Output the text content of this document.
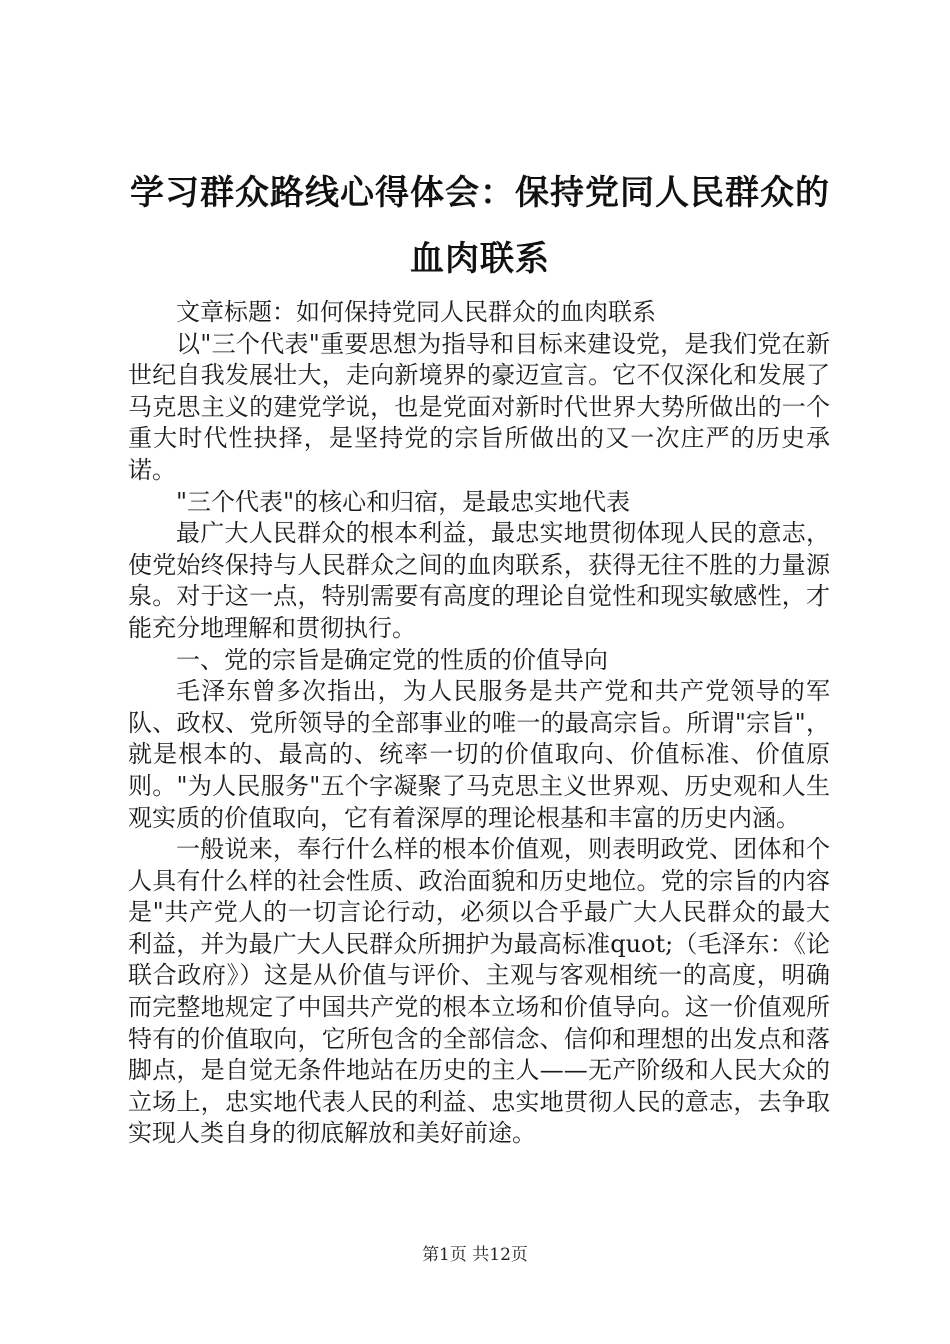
学习群众路线心得体会：保持党同人民群众的
血肉联系

文章标题：如何保持党同人民群众的血肉联系

以"三个代表"重要思想为指导和目标来建设党，是我们党在新世纪自我发展壮大，走向新境界的豪迈宣言。它不仅深化和发展了马克思主义的建党学说，也是党面对新时代世界大势所做出的一个重大时代性抉择，是坚持党的宗旨所做出的又一次庄严的历史承诺。

"三个代表"的核心和归宿，是最忠实地代表

最广大人民群众的根本利益，最忠实地贯彻体现人民的意志，使党始终保持与人民群众之间的血肉联系，获得无往不胜的力量源泉。对于这一点，特别需要有高度的理论自觉性和现实敏感性，才能充分地理解和贯彻执行。

一、党的宗旨是确定党的性质的价值导向

毛泽东曾多次指出，为人民服务是共产党和共产党领导的军队、政权、党所领导的全部事业的唯一的最高宗旨。所谓"宗旨"，就是根本的、最高的、统率一切的价值取向、价值标准、价值原则。"为人民服务"五个字凝聚了马克思主义世界观、历史观和人生观实质的价值取向，它有着深厚的理论根基和丰富的历史内涵。

一般说来，奉行什么样的根本价值观，则表明政党、团体和个人具有什么样的社会性质、政治面貌和历史地位。党的宗旨的内容是"共产党人的一切言论行动，必须以合乎最广大人民群众的最大利益，并为最广大人民群众所拥护为最高标准quot;（毛泽东：《论联合政府》）这是从价值与评价、主观与客观相统一的高度，明确而完整地规定了中国共产党的根本立场和价值导向。这一价值观所特有的价值取向，它所包含的全部信念、信仰和理想的出发点和落脚点，是自觉无条件地站在历史的主人——无产阶级和人民大众的立场上，忠实地代表人民的利益、忠实地贯彻人民的意志，去争取实现人类自身的彻底解放和美好前途。

第1页 共12页
